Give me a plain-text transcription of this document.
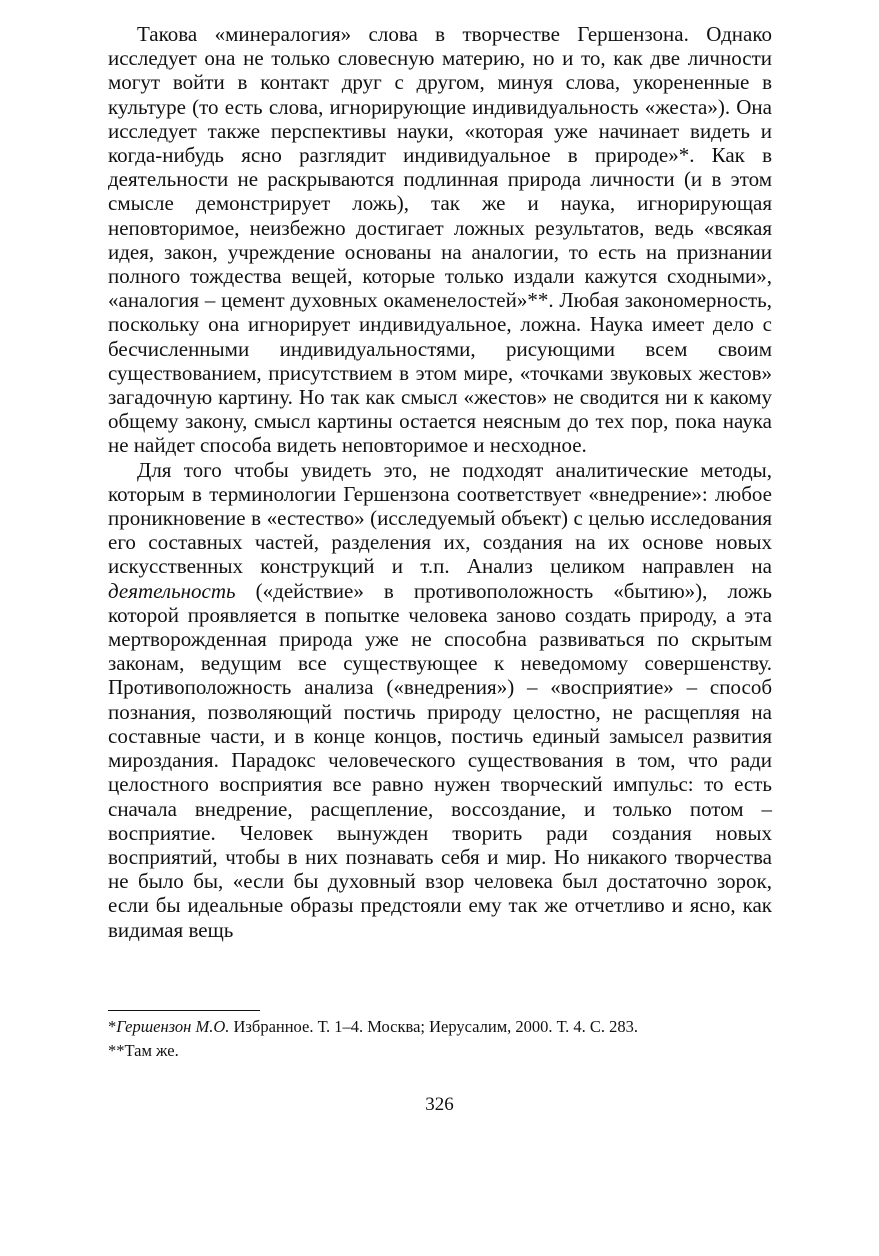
Такова «минералогия» слова в творчестве Гершензона. Однако исследует она не только словесную материю, но и то, как две личности могут войти в контакт друг с другом, минуя слова, укорененные в культуре (то есть слова, игнорирующие индивидуальность «жеста»). Она исследует также перспективы науки, «которая уже начинает видеть и когда-нибудь ясно разглядит индивидуальное в природе»*. Как в деятельности не раскрываются подлинная природа личности (и в этом смысле демонстрирует ложь), так же и наука, игнорирующая неповторимое, неизбежно достигает ложных результатов, ведь «всякая идея, закон, учреждение основаны на аналогии, то есть на признании полного тождества вещей, которые только издали кажутся сходными», «аналогия – цемент духовных окаменелостей»**. Любая закономерность, поскольку она игнорирует индивидуальное, ложна. Наука имеет дело с бесчисленными индивидуальностями, рисующими всем своим существованием, присутствием в этом мире, «точками звуковых жестов» загадочную картину. Но так как смысл «жестов» не сводится ни к какому общему закону, смысл картины остается неясным до тех пор, пока наука не найдет способа видеть неповторимое и несходное.

Для того чтобы увидеть это, не подходят аналитические методы, которым в терминологии Гершензона соответствует «внедрение»: любое проникновение в «естество» (исследуемый объект) с целью исследования его составных частей, разделения их, создания на их основе новых искусственных конструкций и т.п. Анализ целиком направлен на деятельность («действие» в противоположность «бытию»), ложь которой проявляется в попытке человека заново создать природу, а эта мертворожденная природа уже не способна развиваться по скрытым законам, ведущим все существующее к неведомому совершенству. Противоположность анализа («внедрения») – «восприятие» – способ познания, позволяющий постичь природу целостно, не расщепляя на составные части, и в конце концов, постичь единый замысел развития мироздания. Парадокс человеческого существования в том, что ради целостного восприятия все равно нужен творческий импульс: то есть сначала внедрение, расщепление, воссоздание, и только потом – восприятие. Человек вынужден творить ради создания новых восприятий, чтобы в них познавать себя и мир. Но никакого творчества не было бы, «если бы духовный взор человека был достаточно зорок, если бы идеальные образы предстояли ему так же отчетливо и ясно, как видимая вещь

*Гершензон М.О. Избранное. Т. 1–4. Москва; Иерусалим, 2000. Т. 4. С. 283.

**Там же.

326
